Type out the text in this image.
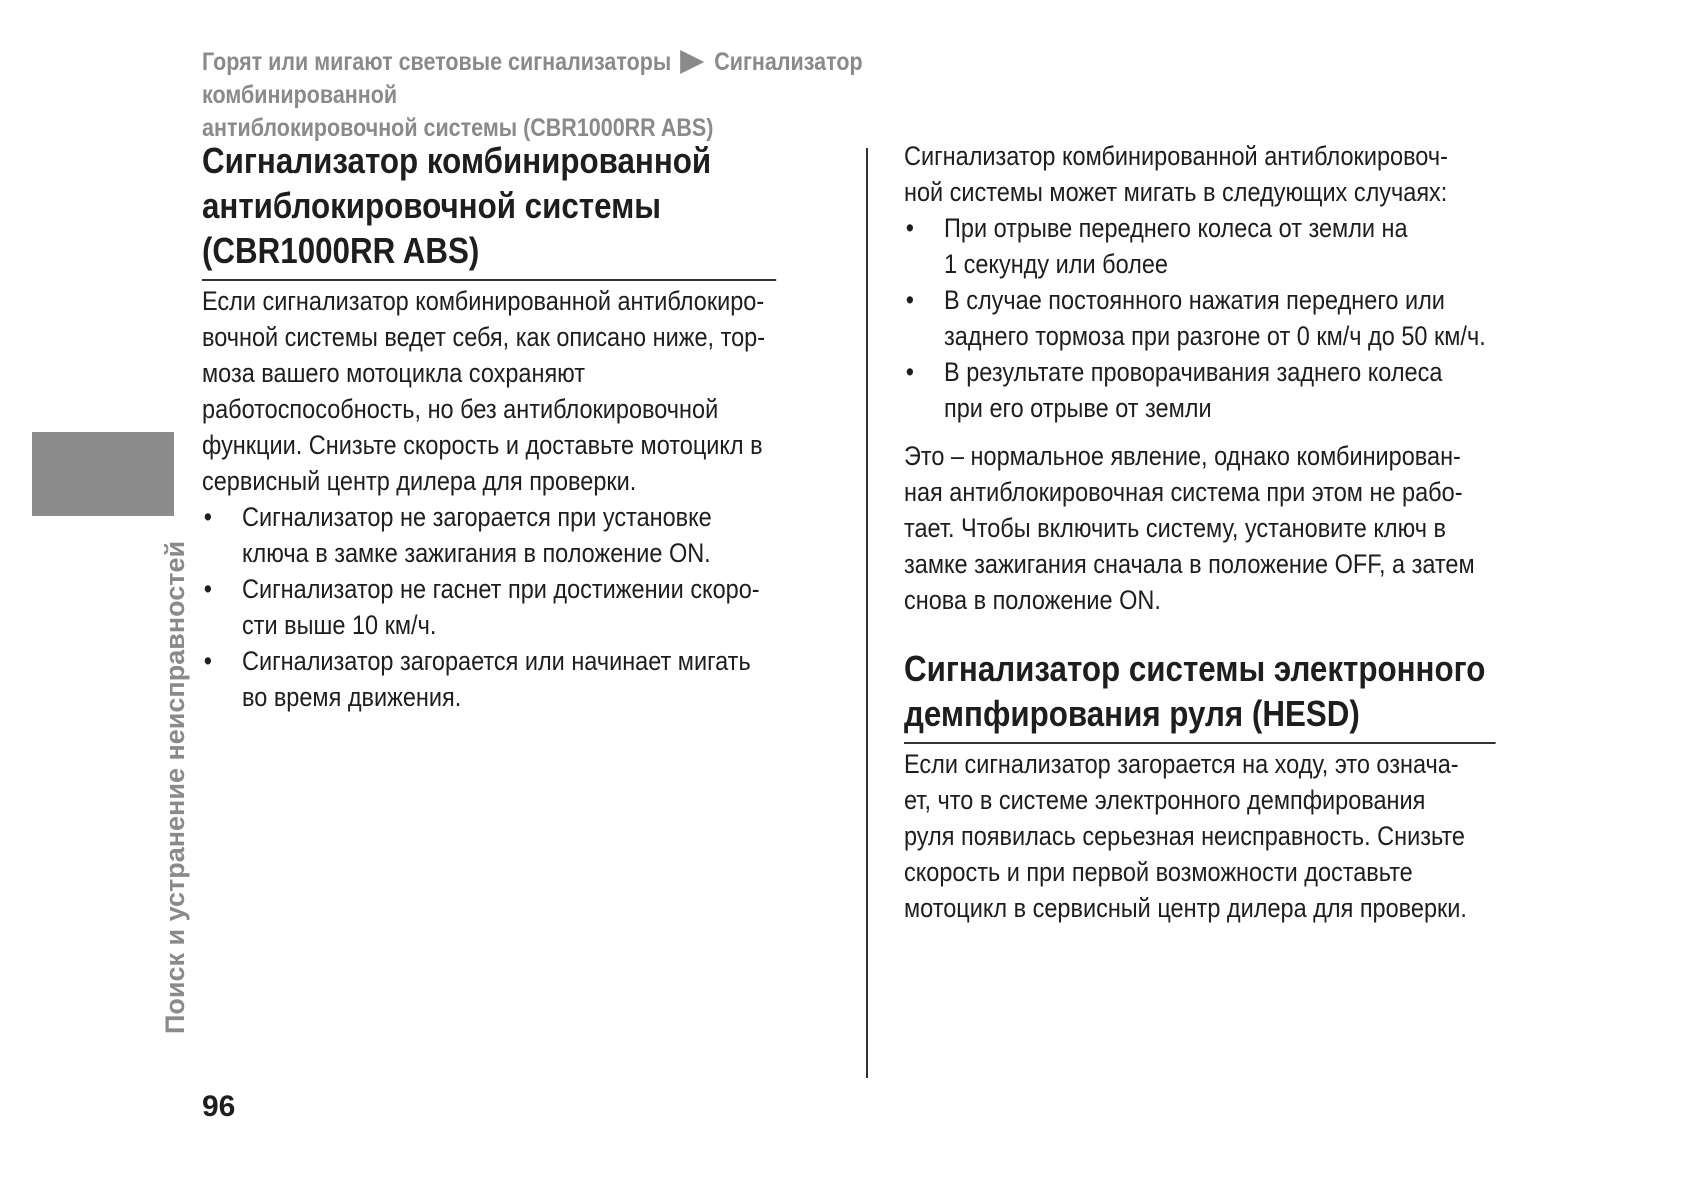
Горят или мигают световые сигнализаторы Сигнализатор комбинированной
антиблокировочной системы (CBR1000RR ABS)
Поиск и устранение неисправностей
Сигнализатор комбинированной
антиблокировочной системы
(CBR1000RR ABS)

Если сигнализатор комбинированной антиблокиро-
вочной системы ведет себя, как описано ниже, тор-
моза вашего мотоцикла сохраняют
работоспособность, но без антиблокировочной
функции. Снизьте скорость и доставьте мотоцикл в
сервисный центр дилера для проверки.

• Сигнализатор не загорается при установке
ключа в замке зажигания в положение ON.
• Сигнализатор не гаснет при достижении скоро-
сти выше 10 км/ч.
• Сигнализатор загорается или начинает мигать
во время движения.

Сигнализатор комбинированной антиблокировоч-
ной системы может мигать в следующих случаях:

• При отрыве переднего колеса от земли на
1 секунду или более
• В случае постоянного нажатия переднего или
заднего тормоза при разгоне от 0 км/ч до 50 км/ч.
• В результате проворачивания заднего колеса
при его отрыве от земли

Это – нормальное явление, однако комбинирован-
ная антиблокировочная система при этом не рабо-
тает. Чтобы включить систему, установите ключ в
замке зажигания сначала в положение OFF, а затем
снова в положение ON.

Сигнализатор системы электронного
демпфирования руля (HESD)

Если сигнализатор загорается на ходу, это означа-
ет, что в системе электронного демпфирования
руля появилась серьезная неисправность. Снизьте
скорость и при первой возможности доставьте
мотоцикл в сервисный центр дилера для проверки.

96
